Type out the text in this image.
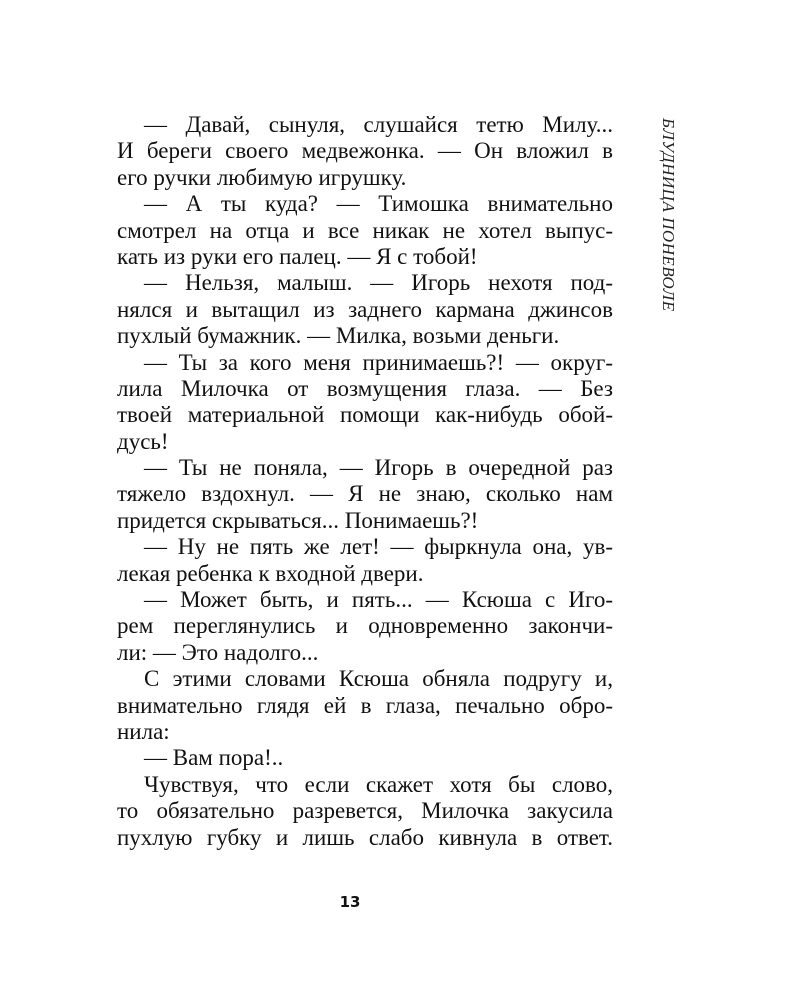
— Давай, сынуля, слушайся тетю Милу...
И береги своего медвежонка. — Он вложил в
его ручки любимую игрушку.

— А ты куда? — Тимошка внимательно
смотрел на отца и все никак не хотел выпус-
кать из руки его палец. — Я с тобой!

— Нельзя, малыш. — Игорь нехотя под-
нялся и вытащил из заднего кармана джинсов
пухлый бумажник. — Милка, возьми деньги.

— Ты за кого меня принимаешь?! — округ-
лила Милочка от возмущения глаза. — Без
твоей материальной помощи как-нибудь обой-
дусь!

— Ты не поняла, — Игорь в очередной раз
тяжело вздохнул. — Я не знаю, сколько нам
придется скрываться... Понимаешь?!

— Ну не пять же лет! — фыркнула она, ув-
лекая ребенка к входной двери.

— Может быть, и пять... — Ксюша с Иго-
рем переглянулись и одновременно закончи-
ли: — Это надолго...

С этими словами Ксюша обняла подругу и,
внимательно глядя ей в глаза, печально обро-
нила:

— Вам пора!..

Чувствуя, что если скажет хотя бы слово,
то обязательно разревется, Милочка закусила
пухлую губку и лишь слабо кивнула в ответ.

БЛУДНИЦА ПОНЕВОЛЕ
13
